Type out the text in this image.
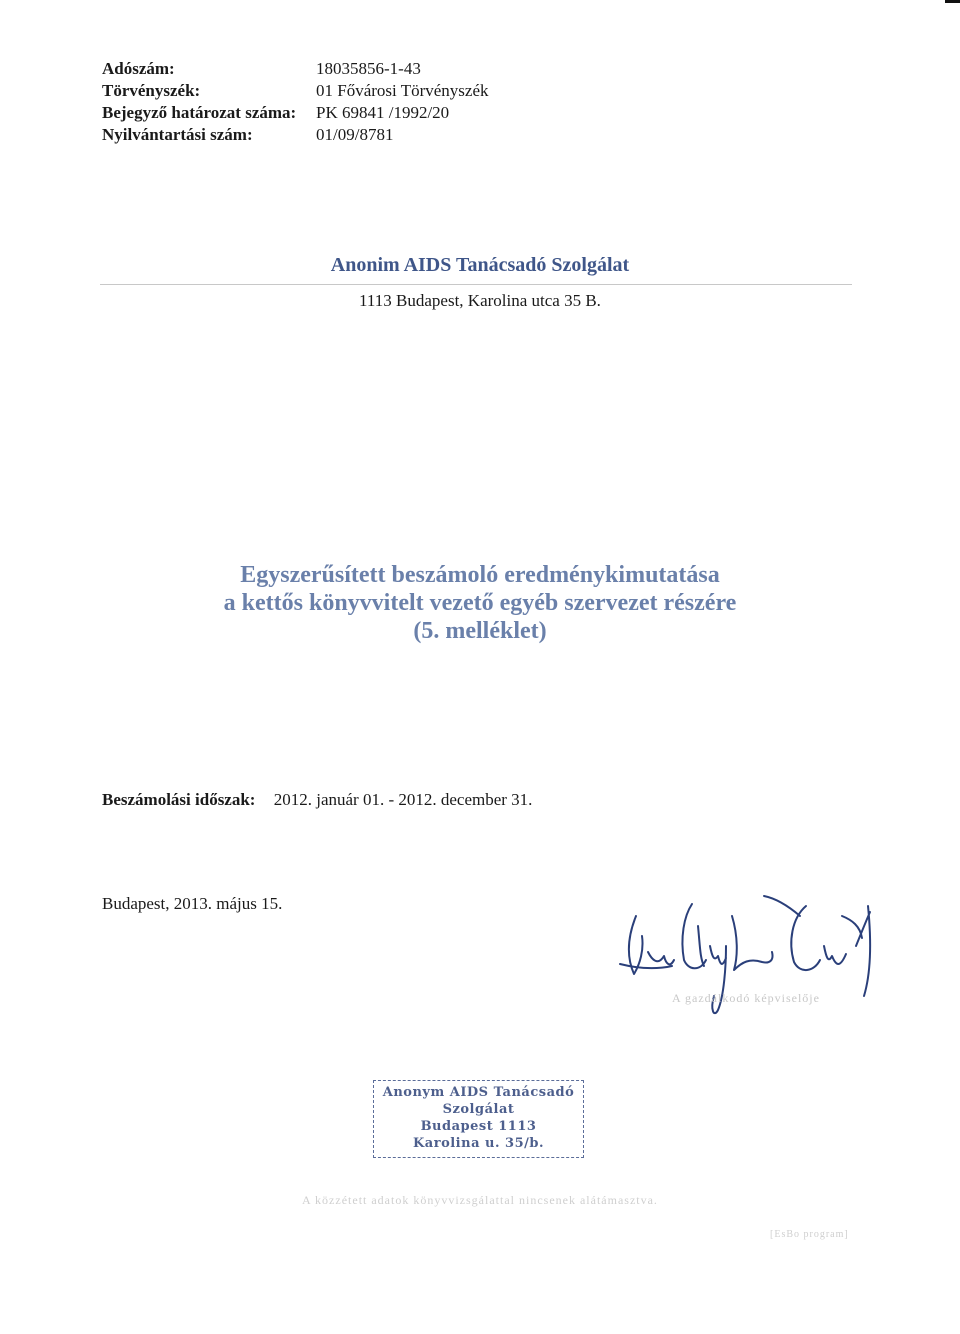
Adószám:	18035856-1-43
Törvényszék:	01 Fővárosi Törvényszék
Bejegyző határozat száma:	PK 69841 /1992/20
Nyilvántartási szám:	01/09/8781
Anonim AIDS Tanácsadó Szolgálat
1113 Budapest, Karolina utca 35 B.
Egyszerűsített beszámoló eredménykimutatása
a kettős könyvvitelt vezető egyéb szervezet részére
(5. melléklet)
Beszámolási időszak: 2012. január 01. - 2012. december 31.
Budapest, 2013. május 15.
A gazdálkodó képviselője
Anonym AIDS Tanácsadó
Szolgálat
Budapest 1113
Karolina u. 35/b.
A közzétett adatok könyvvizsgálattal nincsenek alátámasztva.
[EsBo program]
